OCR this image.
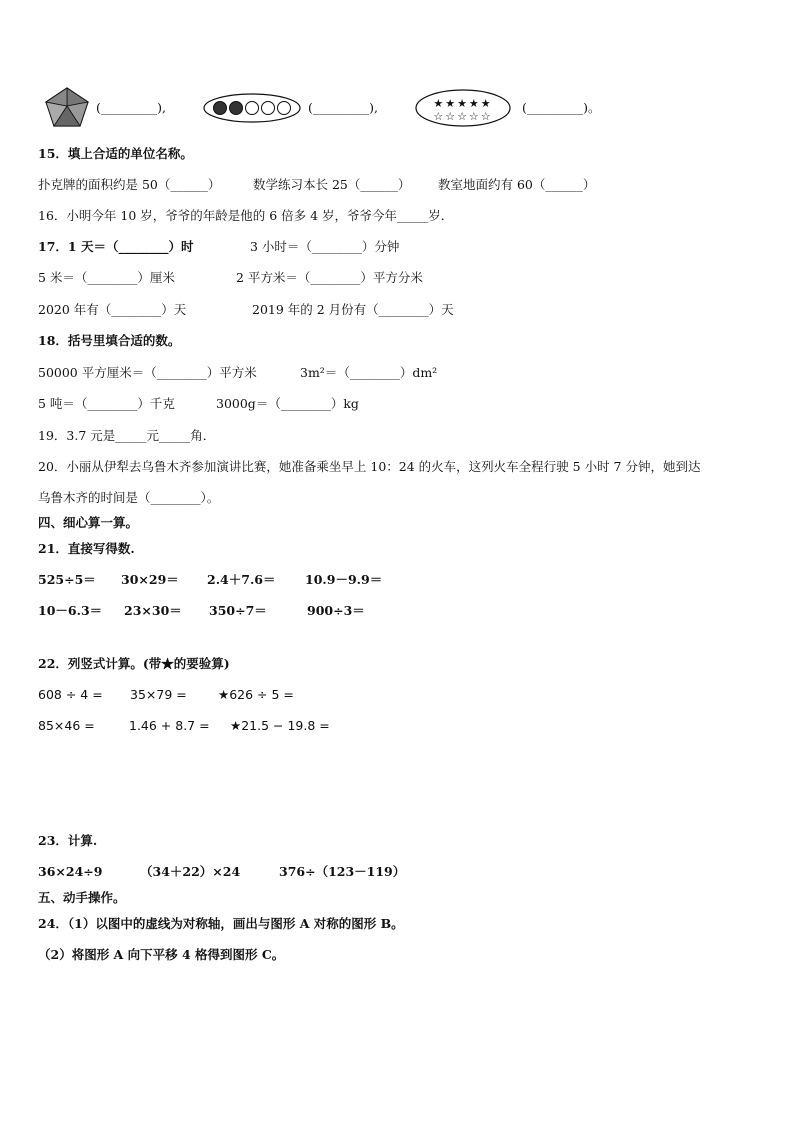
(_________),	(_________),	★★★★★
☆☆☆☆☆
(_________)。
15．填上合适的单位名称。
扑克牌的面积约是 50（______）	数学练习本长 25（______） 教室地面约有 60（______）
16．小明今年 10 岁，爷爷的年龄是他的 6 倍多 4 岁，爷爷今年_____岁．
17．1 天＝（________）时	3 小时＝（________）分钟
5 米＝（________）厘米	2 平方米＝（________）平方分米
2020 年有（________）天	2019 年的 2 月份有（________）天
18．括号里填合适的数。
50000 平方厘米＝（________）平方米	3m²＝（________）dm²
5 吨＝（________）千克	3000g＝（________）kg
19．3.7 元是_____元_____角．
20．小丽从伊犁去乌鲁木齐参加演讲比赛，她准备乘坐早上 10：24 的火车，这列火车全程行驶 5 小时 7 分钟，她到达
乌鲁木齐的时间是（________）。
四、细心算一算。
21．直接写得数.
525÷5＝ 30×29＝ 2.4＋7.6＝ 10.9－9.9＝
10－6.3＝ 23×30＝ 350÷7＝	900÷3＝
22．列竖式计算。(带★的要验算)
608 ÷ 4 = 35×79 =	★626 ÷ 5 =
85×46 =	1.46 + 8.7 = ★21.5 − 19.8 =
23．计算.
36×24÷9	（34＋22）×24	376÷（123－119）
五、动手操作。
24．（1）以图中的虚线为对称轴，画出与图形 A 对称的图形 B。
（2）将图形 A 向下平移 4 格得到图形 C。
